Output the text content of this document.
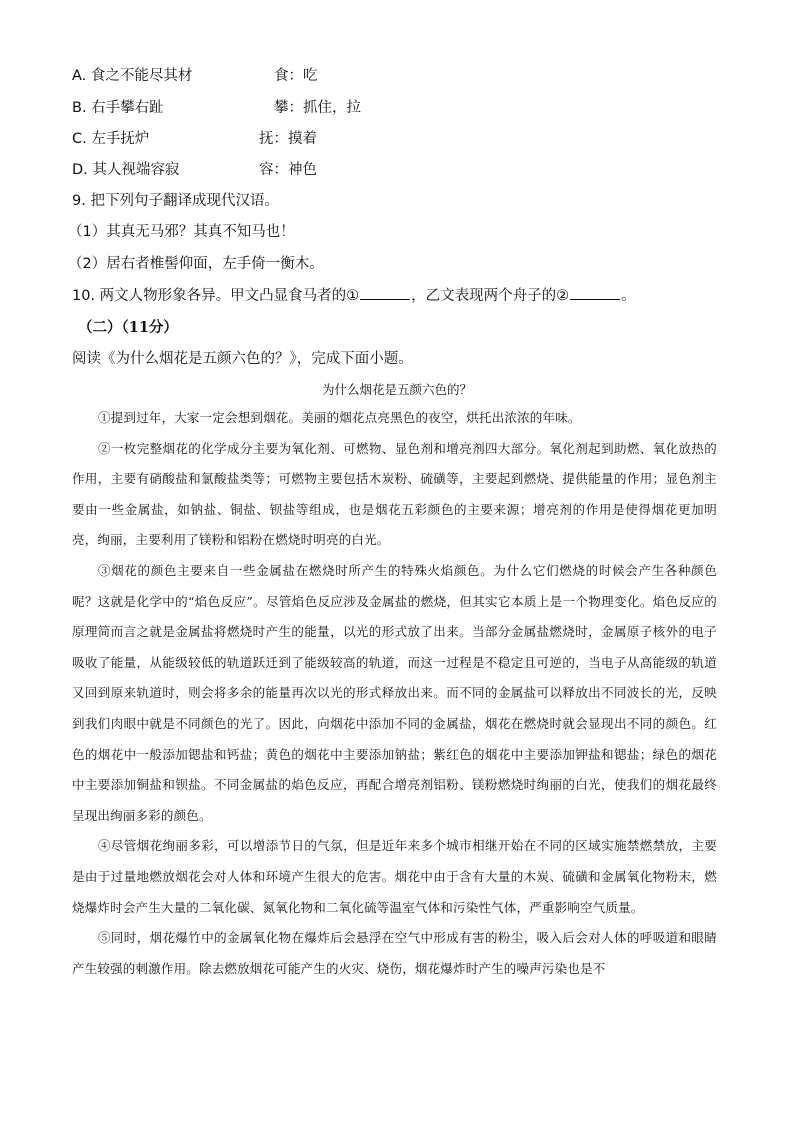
A. 食之不能尽其材	食：吃
B. 右手攀右趾	攀：抓住，拉
C. 左手抚炉	抚：摸着
D. 其人视端容寂	容：神色
9. 把下列句子翻译成现代汉语。
（1）其真无马邪？其真不知马也！
（2）居右者椎髻仰面，左手倚一衡木。
10. 两文人物形象各异。甲文凸显食马者的①	，乙文表现两个舟子的②	。
（二）（11分）
阅读《为什么烟花是五颜六色的？》，完成下面小题。
为什么烟花是五颜六色的？

①提到过年，大家一定会想到烟花。美丽的烟花点亮黑色的夜空，烘托出浓浓的年味。

②一枚完整烟花的化学成分主要为氧化剂、可燃物、显色剂和增亮剂四大部分。氧化剂起到助燃、氧化放热的作用，主要有硝酸盐和氯酸盐类等；可燃物主要包括木炭粉、硫磺等，主要起到燃烧、提供能量的作用；显色剂主要由一些金属盐，如钠盐、铜盐、钡盐等组成，也是烟花五彩颜色的主要来源；增亮剂的作用是使得烟花更加明亮，绚丽，主要利用了镁粉和铝粉在燃烧时明亮的白光。

③烟花的颜色主要来自一些金属盐在燃烧时所产生的特殊火焰颜色。为什么它们燃烧的时候会产生各种颜色呢？这就是化学中的“焰色反应”。尽管焰色反应涉及金属盐的燃烧，但其实它本质上是一个物理变化。焰色反应的原理简而言之就是金属盐将燃烧时产生的能量，以光的形式放了出来。当部分金属盐燃烧时，金属原子核外的电子吸收了能量，从能级较低的轨道跃迁到了能级较高的轨道，而这一过程是不稳定且可逆的，当电子从高能级的轨道又回到原来轨道时，则会将多余的能量再次以光的形式释放出来。而不同的金属盐可以释放出不同波长的光，反映到我们肉眼中就是不同颜色的光了。因此，向烟花中添加不同的金属盐，烟花在燃烧时就会显现出不同的颜色。红色的烟花中一般添加锶盐和钙盐；黄色的烟花中主要添加钠盐；紫红色的烟花中主要添加钾盐和锶盐；绿色的烟花中主要添加铜盐和钡盐。不同金属盐的焰色反应，再配合增亮剂铝粉、镁粉燃烧时绚丽的白光，使我们的烟花最终呈现出绚丽多彩的颜色。

④尽管烟花绚丽多彩，可以增添节日的气氛，但是近年来多个城市相继开始在不同的区域实施禁燃禁放，主要是由于过量地燃放烟花会对人体和环境产生很大的危害。烟花中由于含有大量的木炭、硫磺和金属氧化物粉末，燃烧爆炸时会产生大量的二氧化碳、氮氧化物和二氧化硫等温室气体和污染性气体，严重影响空气质量。

⑤同时，烟花爆竹中的金属氧化物在爆炸后会悬浮在空气中形成有害的粉尘，吸入后会对人体的呼吸道和眼睛产生较强的刺激作用。除去燃放烟花可能产生的火灾、烧伤，烟花爆炸时产生的噪声污染也是不
